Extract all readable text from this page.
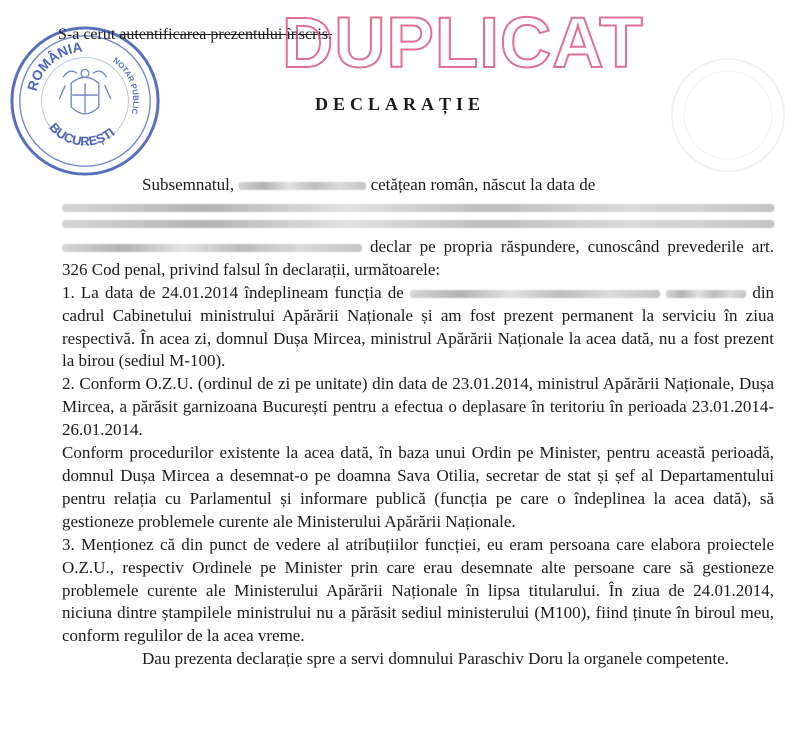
ROMÂNIA
NOTAR PUBLIC
BUCUREȘTI
S-a cerut autentificarea prezentului înscris.
DUPLICAT
DECLARAȚIE

Subsemnatul,	cetățean român, născut la data de
declar pe propria răspundere, cunoscând prevederile art. 326 Cod penal, privind falsul în declarații, următoarele:

1. La data de 24.01.2014 îndeplineam funcția de	din cadrul Cabinetului ministrului Apărării Naționale și am fost prezent permanent la serviciu în ziua respectivă. În acea zi, domnul Dușa Mircea, ministrul Apărării Naționale la acea dată, nu a fost prezent la birou (sediul M-100).

2. Conform O.Z.U. (ordinul de zi pe unitate) din data de 23.01.2014, ministrul Apărării Naționale, Dușa Mircea, a părăsit garnizoana București pentru a efectua o deplasare în teritoriu în perioada 23.01.2014-26.01.2014.

Conform procedurilor existente la acea dată, în baza unui Ordin pe Minister, pentru această perioadă, domnul Dușa Mircea a desemnat-o pe doamna Sava Otilia, secretar de stat și șef al Departamentului pentru relația cu Parlamentul și informare publică (funcția pe care o îndeplinea la acea dată), să gestioneze problemele curente ale Ministerului Apărării Naționale.

3. Menționez că din punct de vedere al atribuțiilor funcției, eu eram persoana care elabora proiectele O.Z.U., respectiv Ordinele pe Minister prin care erau desemnate alte persoane care să gestioneze problemele curente ale Ministerului Apărării Naționale în lipsa titularului. În ziua de 24.01.2014, niciuna dintre ștampilele ministrului nu a părăsit sediul ministerului (M100), fiind ținute în biroul meu, conform regulilor de la acea vreme.

Dau prezenta declarație spre a servi domnului Paraschiv Doru la organele competente.
